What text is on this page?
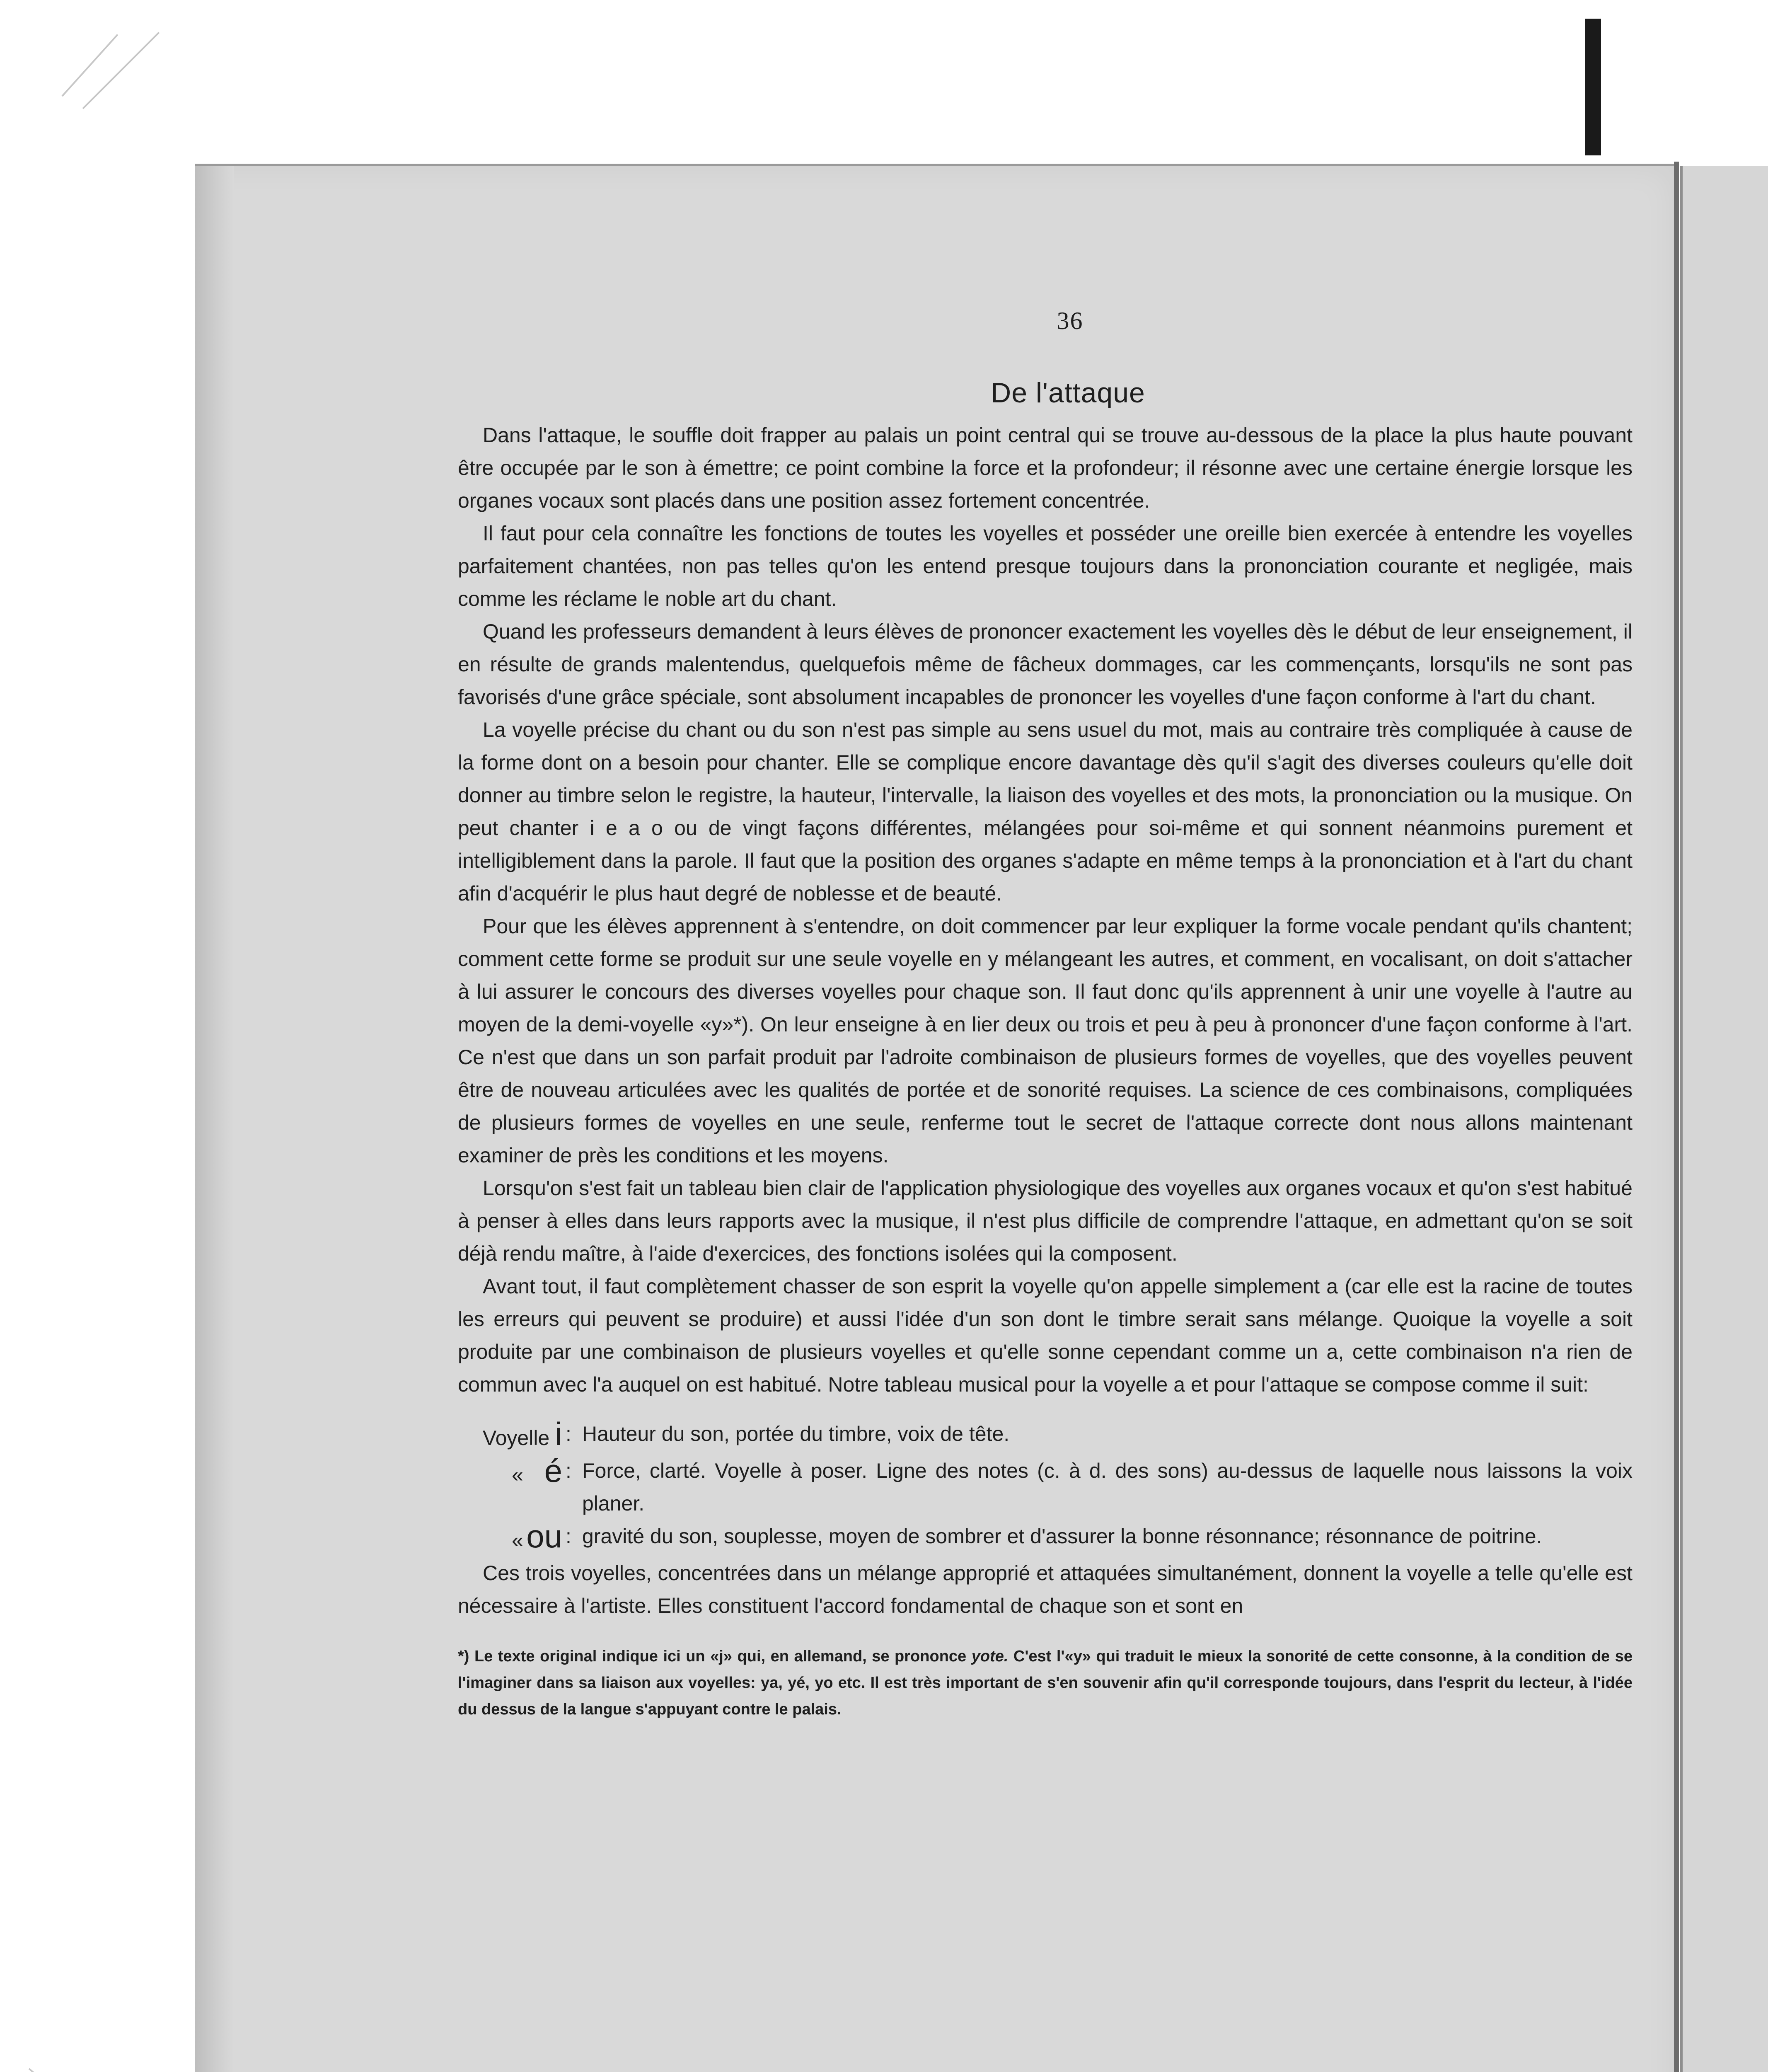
36
De l'attaque

Dans l'attaque, le souffle doit frapper au palais un point central qui se trouve au-dessous de la place la plus haute pouvant être occupée par le son à émettre; ce point combine la force et la profondeur; il résonne avec une certaine énergie lorsque les organes vocaux sont placés dans une position assez fortement concentrée.

Il faut pour cela connaître les fonctions de toutes les voyelles et posséder une oreille bien exercée à entendre les voyelles parfaitement chantées, non pas telles qu'on les entend presque toujours dans la prononciation courante et negligée, mais comme les réclame le noble art du chant.

Quand les professeurs demandent à leurs élèves de prononcer exactement les voyelles dès le début de leur enseignement, il en résulte de grands malentendus, quelquefois même de fâcheux dommages, car les commençants, lorsqu'ils ne sont pas favorisés d'une grâce spéciale, sont absolument incapables de prononcer les voyelles d'une façon conforme à l'art du chant.

La voyelle précise du chant ou du son n'est pas simple au sens usuel du mot, mais au contraire très compliquée à cause de la forme dont on a besoin pour chanter. Elle se complique encore davantage dès qu'il s'agit des diverses couleurs qu'elle doit donner au timbre selon le registre, la hauteur, l'intervalle, la liaison des voyelles et des mots, la prononciation ou la musique. On peut chanter i e a o ou de vingt façons différentes, mélangées pour soi-même et qui sonnent néanmoins purement et intelligiblement dans la parole. Il faut que la position des organes s'adapte en même temps à la prononciation et à l'art du chant afin d'acquérir le plus haut degré de noblesse et de beauté.

Pour que les élèves apprennent à s'entendre, on doit commencer par leur expliquer la forme vocale pendant qu'ils chantent; comment cette forme se produit sur une seule voyelle en y mélangeant les autres, et comment, en vocalisant, on doit s'attacher à lui assurer le concours des diverses voyelles pour chaque son. Il faut donc qu'ils apprennent à unir une voyelle à l'autre au moyen de la demi-voyelle «y»*). On leur enseigne à en lier deux ou trois et peu à peu à prononcer d'une façon conforme à l'art. Ce n'est que dans un son parfait produit par l'adroite combinaison de plusieurs formes de voyelles, que des voyelles peuvent être de nouveau articulées avec les qualités de portée et de sonorité requises. La science de ces combinaisons, compliquées de plusieurs formes de voyelles en une seule, renferme tout le secret de l'attaque correcte dont nous allons maintenant examiner de près les conditions et les moyens.

Lorsqu'on s'est fait un tableau bien clair de l'application physiologique des voyelles aux organes vocaux et qu'on s'est habitué à penser à elles dans leurs rapports avec la musique, il n'est plus difficile de comprendre l'attaque, en admettant qu'on se soit déjà rendu maître, à l'aide d'exercices, des fonctions isolées qui la composent.

Avant tout, il faut complètement chasser de son esprit la voyelle qu'on appelle simplement a (car elle est la racine de toutes les erreurs qui peuvent se produire) et aussi l'idée d'un son dont le timbre serait sans mélange. Quoique la voyelle a soit produite par une combinaison de plusieurs voyelles et qu'elle sonne cependant comme un a, cette combinaison n'a rien de commun avec l'a auquel on est habitué. Notre tableau musical pour la voyelle a et pour l'attaque se compose comme il suit:

Voyelle i : Hauteur du son, portée du timbre, voix de tête.
« é : Force, clarté. Voyelle à poser. Ligne des notes (c. à d. des sons) au-dessus de laquelle nous laissons la voix planer.
« ou : gravité du son, souplesse, moyen de sombrer et d'assurer la bonne résonnance; résonnance de poitrine.

Ces trois voyelles, concentrées dans un mélange approprié et attaquées simultanément, donnent la voyelle a telle qu'elle est nécessaire à l'artiste. Elles constituent l'accord fondamental de chaque son et sont en

*) Le texte original indique ici un «j» qui, en allemand, se prononce yote. C'est l'«y» qui traduit le mieux la sonorité de cette consonne, à la condition de se l'imaginer dans sa liaison aux voyelles: ya, yé, yo etc. Il est très important de s'en souvenir afin qu'il corresponde toujours, dans l'esprit du lecteur, à l'idée du dessus de la langue s'appuyant contre le palais.
